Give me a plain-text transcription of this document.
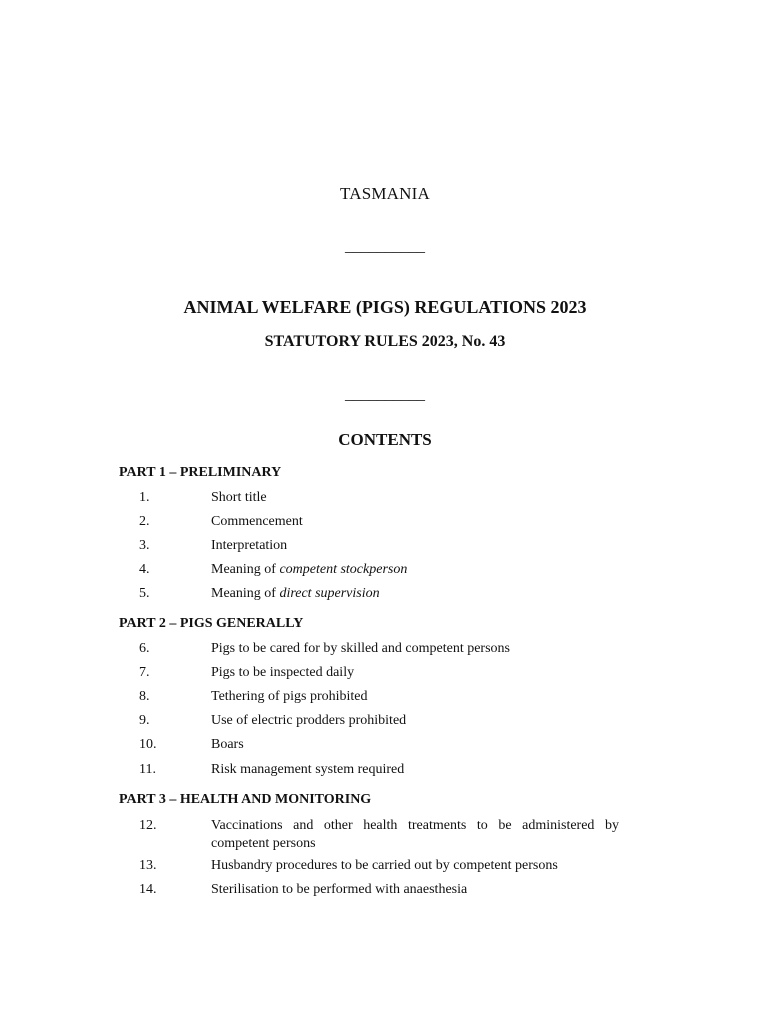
TASMANIA
__________
ANIMAL WELFARE (PIGS) REGULATIONS 2023
STATUTORY RULES 2023, No. 43
__________
CONTENTS
PART 1 – PRELIMINARY
1.	Short title
2.	Commencement
3.	Interpretation
4.	Meaning of competent stockperson
5.	Meaning of direct supervision
PART 2 – PIGS GENERALLY
6.	Pigs to be cared for by skilled and competent persons
7.	Pigs to be inspected daily
8.	Tethering of pigs prohibited
9.	Use of electric prodders prohibited
10.	Boars
11.	Risk management system required
PART 3 – HEALTH AND MONITORING
12.	Vaccinations and other health treatments to be administered by
competent persons
13.	Husbandry procedures to be carried out by competent persons
14.	Sterilisation to be performed with anaesthesia
